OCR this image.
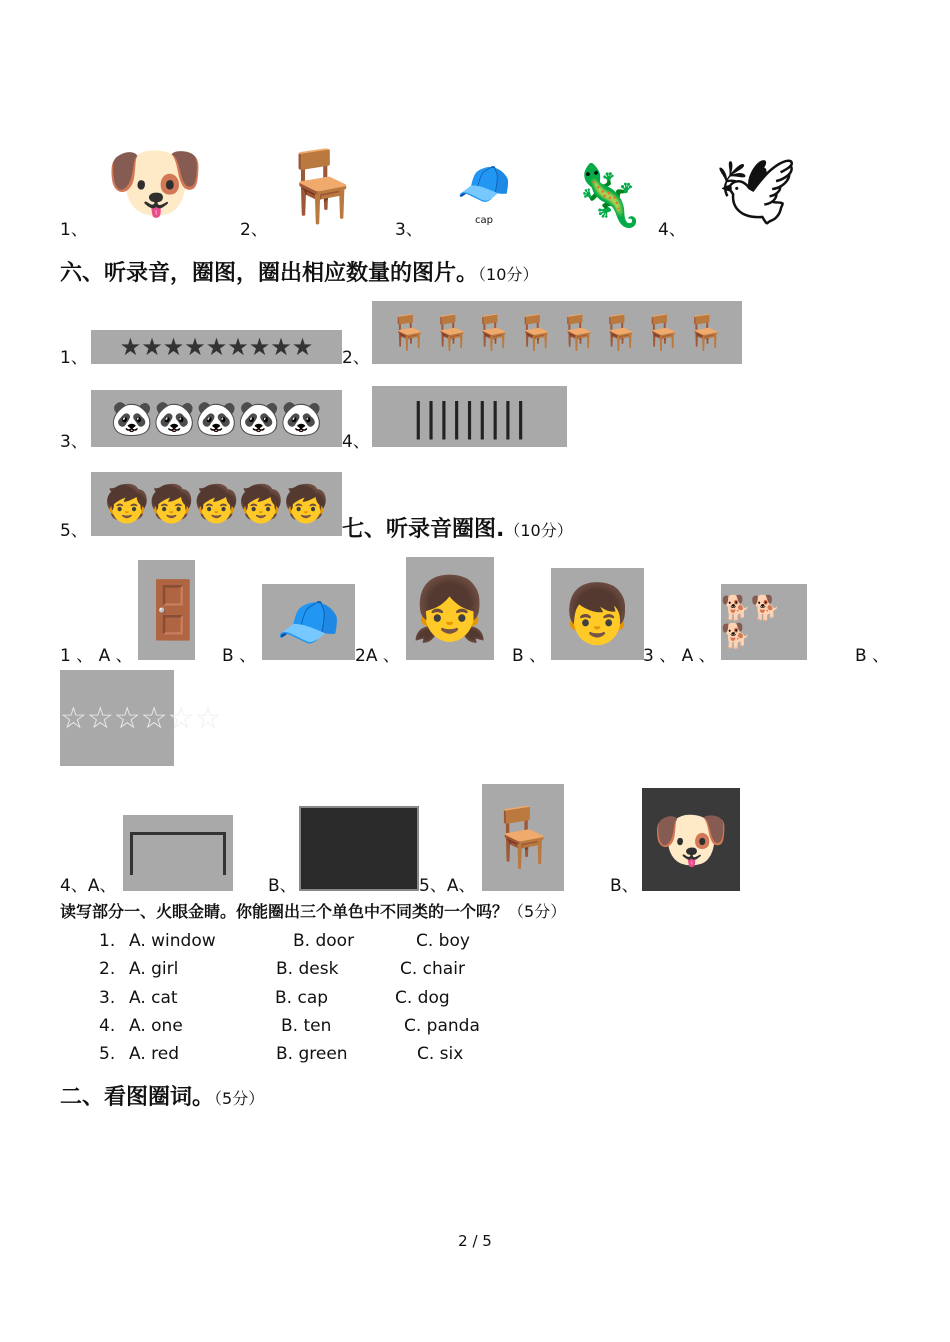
1、
🐶
2、
🪑
3、
🧢
cap 🦎 4、 🕊
六、听录音，圈图，圈出相应数量的图片。（10分）
1、	★★★★★★★★★	2、
🪑🪑🪑🪑🪑🪑🪑🪑
3、
🐼🐼🐼🐼🐼
4、
|||||||||
5、
🧒🧒🧒🧒🧒
七、听录音圈图.（10分）
1 、 A 、
🚪
B 、
🧢
2A 、
👧
B 、
👦
3 、 A 、
🐕🐕🐕
B 、
☆☆☆☆☆☆
4、A、	B、	5、A、
🪑
B、
🐶
读写部分一、火眼金睛。你能圈出三个单色中不同类的一个吗？（5分）
1. A. window	B. door	C. boy
2. A. girl	B. desk	C. chair
3. A. cat	B. cap	C. dog
4. A. one	B. ten	C. panda
5. A. red	B. green	C. six
二、看图圈词。（5分）
2 / 5
